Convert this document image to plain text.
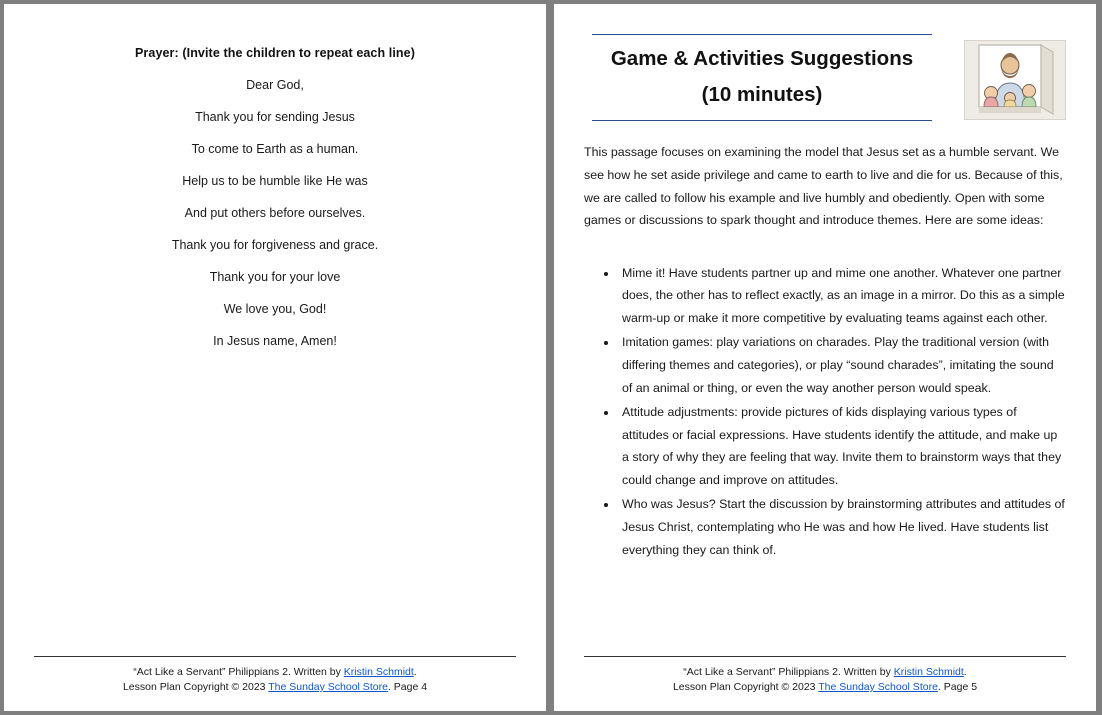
Prayer: (Invite the children to repeat each line)
Dear God,
Thank you for sending Jesus
To come to Earth as a human.
Help us to be humble like He was
And put others before ourselves.
Thank you for forgiveness and grace.
Thank you for your love
We love you, God!
In Jesus name, Amen!
“Act Like a Servant” Philippians 2. Written by Kristin Schmidt.
Lesson Plan Copyright © 2023 The Sunday School Store. Page 4
Game & Activities Suggestions
(10 minutes)

This passage focuses on examining the model that Jesus set as a humble servant. We see how he set aside privilege and came to earth to live and die for us. Because of this, we are called to follow his example and live humbly and obediently. Open with some games or discussions to spark thought and introduce themes. Here are some ideas:

• Mime it! Have students partner up and mime one another. Whatever one partner does, the other has to reflect exactly, as an image in a mirror. Do this as a simple warm-up or make it more competitive by evaluating teams against each other.
• Imitation games: play variations on charades. Play the traditional version (with differing themes and categories), or play “sound charades”, imitating the sound of an animal or thing, or even the way another person would speak.
• Attitude adjustments: provide pictures of kids displaying various types of attitudes or facial expressions. Have students identify the attitude, and make up a story of why they are feeling that way. Invite them to brainstorm ways that they could change and improve on attitudes.
• Who was Jesus? Start the discussion by brainstorming attributes and attitudes of Jesus Christ, contemplating who He was and how He lived. Have students list everything they can think of.
“Act Like a Servant” Philippians 2. Written by Kristin Schmidt.
Lesson Plan Copyright © 2023 The Sunday School Store. Page 5
